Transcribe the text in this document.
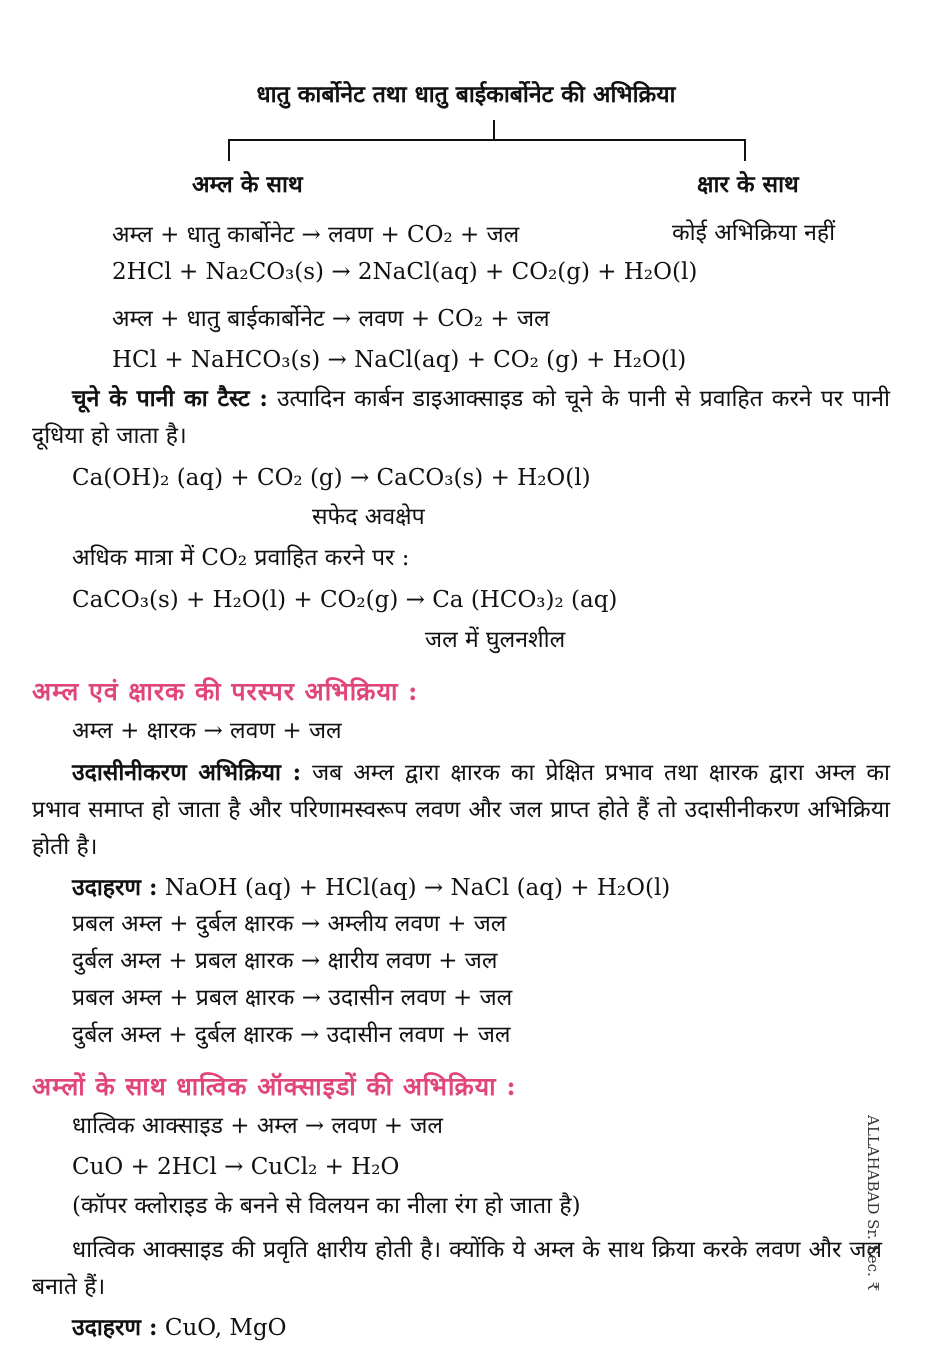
धातु कार्बोनेट तथा धातु बाईकार्बोनेट की अभिक्रिया
अम्ल के साथ	क्षार के साथ
कोई अभिक्रिया नहीं
अम्ल + धातु कार्बोनेट → लवण + CO₂ + जल
2HCl + Na₂CO₃(s) → 2NaCl(aq) + CO₂(g) + H₂O(l)
अम्ल + धातु बाईकार्बोनेट → लवण + CO₂ + जल
HCl + NaHCO₃(s) → NaCl(aq) + CO₂ (g) + H₂O(l)
चूने के पानी का टैस्ट : उत्पादिन कार्बन डाइआक्साइड को चूने के पानी से प्रवाहित करने पर पानी दूधिया हो जाता है।
Ca(OH)₂ (aq) + CO₂ (g) → CaCO₃(s) + H₂O(l)
सफेद अवक्षेप
अधिक मात्रा में CO₂ प्रवाहित करने पर :
CaCO₃(s) + H₂O(l) + CO₂(g) → Ca (HCO₃)₂ (aq)
जल में घुलनशील
अम्ल एवं क्षारक की परस्पर अभिक्रिया :
अम्ल + क्षारक → लवण + जल
उदासीनीकरण अभिक्रिया : जब अम्ल द्वारा क्षारक का प्रेक्षित प्रभाव तथा क्षारक द्वारा अम्ल का प्रभाव समाप्त हो जाता है और परिणामस्वरूप लवण और जल प्राप्त होते हैं तो उदासीनीकरण अभिक्रिया होती है।
उदाहरण : NaOH (aq) + HCl(aq) → NaCl (aq) + H₂O(l)
प्रबल अम्ल + दुर्बल क्षारक → अम्लीय लवण + जल
दुर्बल अम्ल + प्रबल क्षारक → क्षारीय लवण + जल
प्रबल अम्ल + प्रबल क्षारक → उदासीन लवण + जल
दुर्बल अम्ल + दुर्बल क्षारक → उदासीन लवण + जल
अम्लों के साथ धात्विक ऑक्साइडों की अभिक्रिया :
धात्विक आक्साइड + अम्ल → लवण + जल
CuO + 2HCl → CuCl₂ + H₂O
(कॉपर क्लोराइड के बनने से विलयन का नीला रंग हो जाता है)
धात्विक आक्साइड की प्रवृति क्षारीय होती है। क्योंकि ये अम्ल के साथ क्रिया करके लवण और जल बनाते हैं।
उदाहरण : CuO, MgO
ALLAHABAD Sr. Sec. ₹
